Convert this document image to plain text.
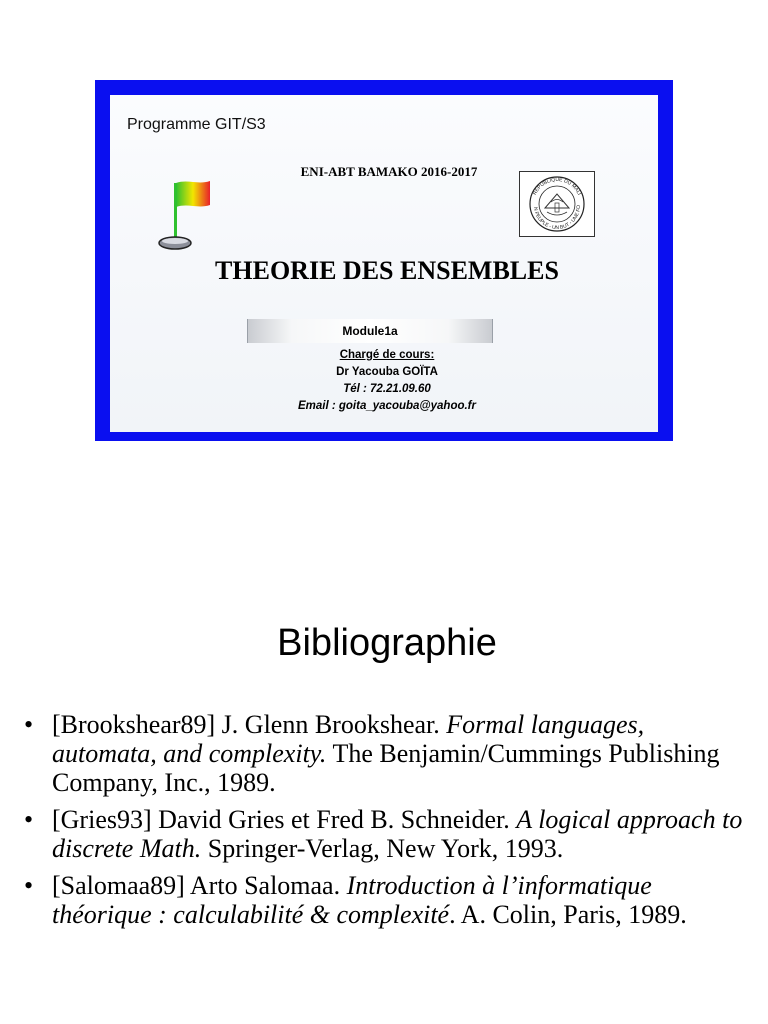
Programme GIT/S3
ENI-ABT BAMAKO 2016-2017
REPUBLIQUE DU MALI
N PEUPLE - UN BUT - UNE FO
THEORIE DES ENSEMBLES
Module1a
Chargé de cours:
Dr Yacouba GOÏTA
Tél : 72.21.09.60
Email : goita_yacouba@yahoo.fr
Bibliographie
• [Brookshear89] J. Glenn Brookshear. Formal languages, automata, and complexity. The Benjamin/Cummings Publishing Company, Inc., 1989.
• [Gries93] David Gries et Fred B. Schneider. A logical approach to discrete Math. Springer-Verlag, New York, 1993.
• [Salomaa89] Arto Salomaa. Introduction à l’informatique théorique : calculabilité & complexité. A. Colin, Paris, 1989.
